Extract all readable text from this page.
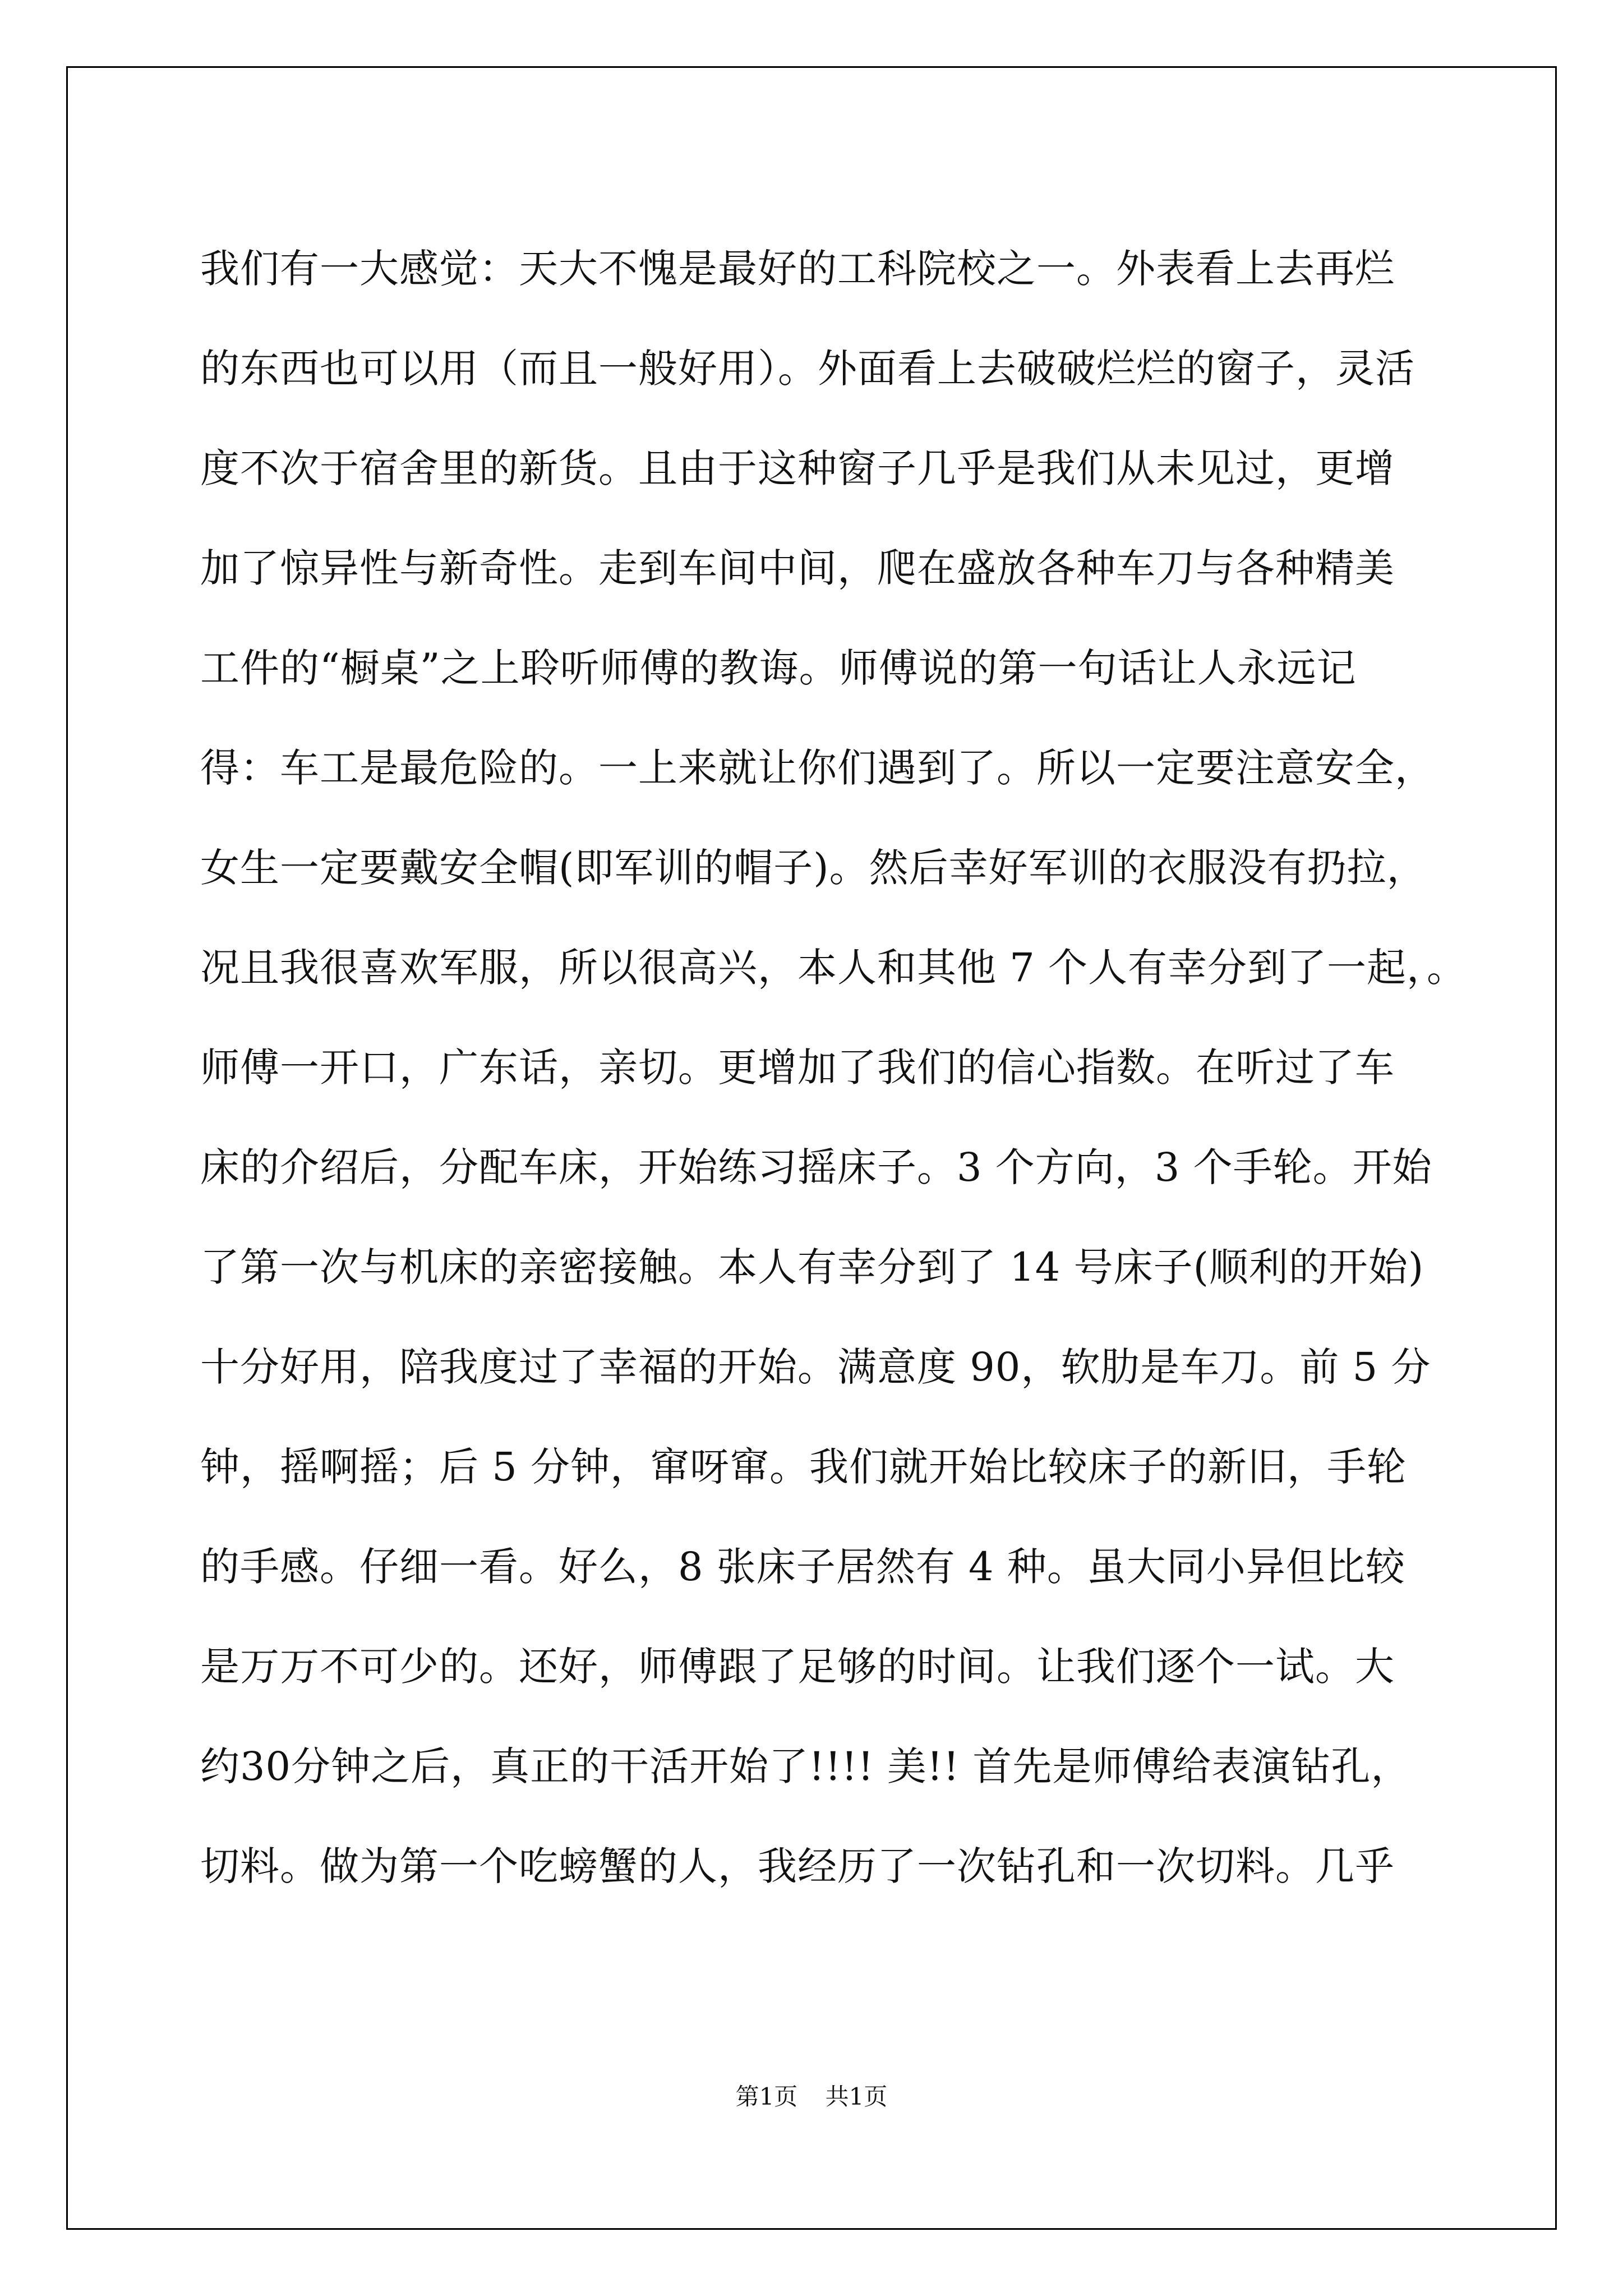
我们有一大感觉：天大不愧是最好的工科院校之一。外表看上去再烂
的东西也可以用（而且一般好用）。外面看上去破破烂烂的窗子，灵活
度不次于宿舍里的新货。且由于这种窗子几乎是我们从未见过，更增
加了惊异性与新奇性。走到车间中间，爬在盛放各种车刀与各种精美
工件的“橱桌”之上聆听师傅的教诲。师傅说的第一句话让人永远记
得：车工是最危险的。一上来就让你们遇到了。所以一定要注意安全，
女生一定要戴安全帽(即军训的帽子)。然后幸好军训的衣服没有扔拉，
况且我很喜欢军服，所以很高兴，本人和其他 7 个人有幸分到了一起，。
师傅一开口，广东话，亲切。更增加了我们的信心指数。在听过了车
床的介绍后，分配车床，开始练习摇床子。3 个方向，3 个手轮。开始
了第一次与机床的亲密接触。本人有幸分到了 14 号床子(顺利的开始)
十分好用，陪我度过了幸福的开始。满意度 90，软肋是车刀。前 5 分
钟，摇啊摇；后 5 分钟，窜呀窜。我们就开始比较床子的新旧，手轮
的手感。仔细一看。好么，8 张床子居然有 4 种。虽大同小异但比较
是万万不可少的。还好，师傅跟了足够的时间。让我们逐个一试。大
约30分钟之后，真正的干活开始了!!!! 美!! 首先是师傅给表演钻孔，
切料。做为第一个吃螃蟹的人，我经历了一次钻孔和一次切料。几乎
第1页 共1页
